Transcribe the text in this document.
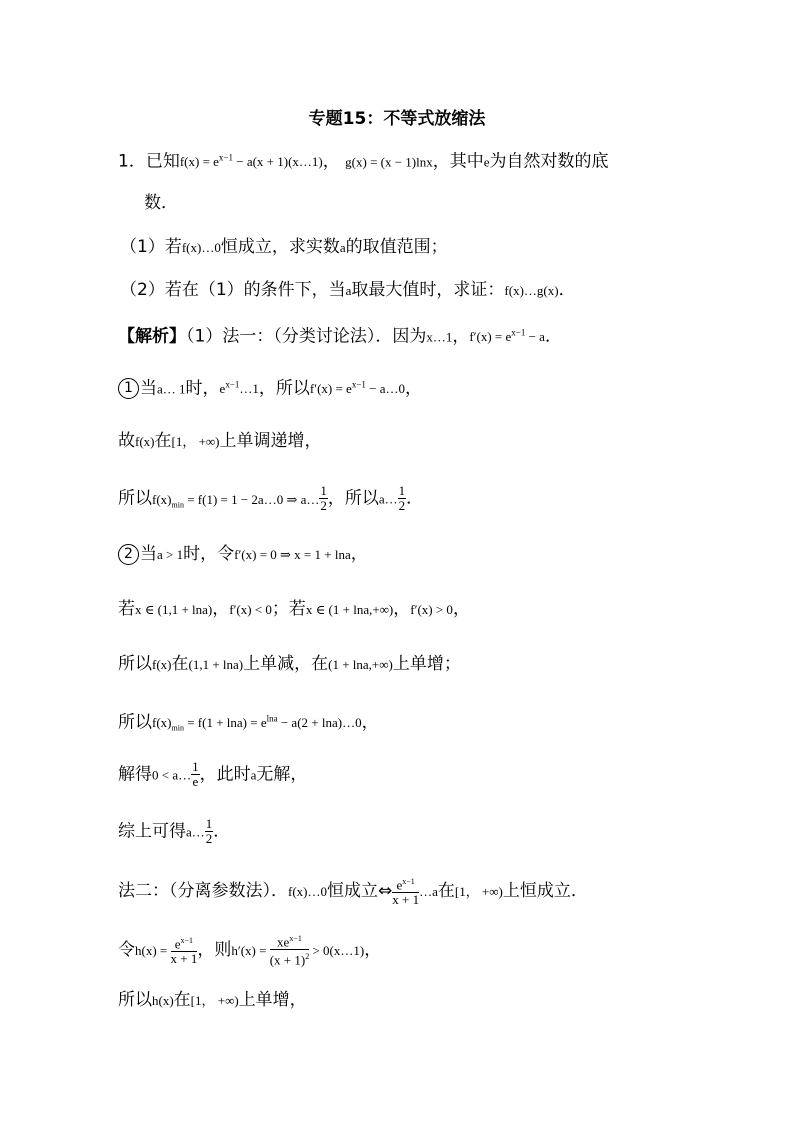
专题15：不等式放缩法
1．已知$f(x) = e^{x-1} - a(x$ + 1)(x…1)， g(x) = (x − 1)lnx，其中e为自然对数的底
数．
（1）若f(x)…0恒成立，求实数a的取值范围；
（2）若在（1）的条件下，当a取最大值时，求证：f(x)…g(x)．
【解析】（1）法一：（分类讨论法）．因为x…1，$f'(x) = e^{x-1} - a$．
1 当a… 1时，$e^{x-1}\dots 1$，所以$f'(x) = e^{x-1}$ − a…0，
故f(x)在[1， +∞)上单调递增，
所以$f(x)_{min} = f(1) = 1$ − 2a…0 ⇒ a… $\frac{1}{2}$ ，所以a… $\frac{1}{2}$ ．
2 当a > 1时，令f′(x) = 0 ⇒ x = 1 + lna，
若x ∈ (1,1 + lna)，f′(x) < 0；若x ∈ (1 + lna,+∞)，f′(x) > 0，
所以f(x)在(1,1 + lna)上单减，在(1 + lna,+∞)上单增；
所以$f(x)_{min} = f(1 + \ln a) = e^{lna} - a(2$ + lna)…0，
解得0 < a… $\frac{1}{e}$ ，此时a无解，
综上可得a… $\frac{1}{2}$ ．
法二：（分离参数法）．f(x)…0恒成立⇔ $\frac{e^{x-1}}{x + 1}$ …a在[1， +∞)上恒成立．
令$h(x) = \frac{e^{x-1}}{x + 1}$ ，则h′(x) =
$xe^{x-1}$
$(x + 1)^2$ > 0(x…1)，
所以h(x)在[1， +∞)上单增，
